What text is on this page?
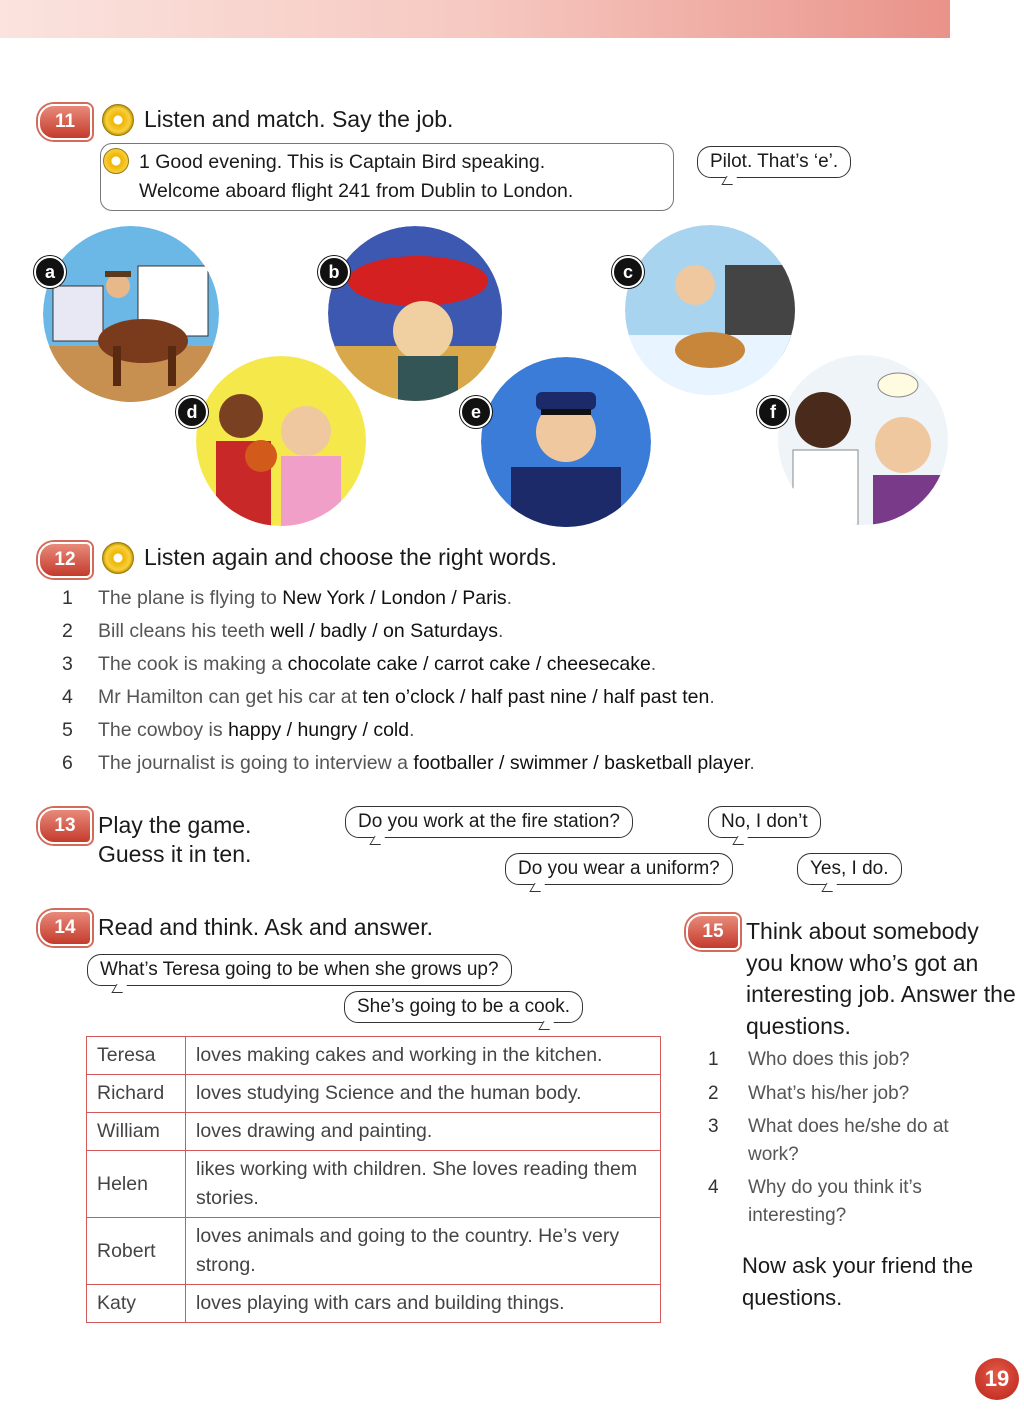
11	Listen and match. Say the job.
1 Good evening. This is Captain Bird speaking.
Welcome aboard flight 241 from Dublin to London.
Pilot. That’s ‘e’.
a	b	c
d	e	f
12	Listen again and choose the right words.
1 The plane is flying to New York / London / Paris.
2 Bill cleans his teeth well / badly / on Saturdays.
3 The cook is making a chocolate cake / carrot cake / cheesecake.
4 Mr Hamilton can get his car at ten o’clock / half past nine / half past ten.
5 The cowboy is happy / hungry / cold.
6 The journalist is going to interview a footballer / swimmer / basketball player.
13 Play the game.
Guess it in ten.
Do you work at the fire station?	No, I don’t
Do you wear a uniform?	Yes, I do.
14 Read and think. Ask and answer.
What’s Teresa going to be when she grows up?
She’s going to be a cook.
Teresa	loves making cakes and working in the kitchen.
Richard	loves studying Science and the human body.
William	loves drawing and painting.
Helen	likes working with children. She loves reading them stories.
Robert	loves animals and going to the country. He’s very strong.
Katy	loves playing with cars and building things.
15 Think about somebody you know who’s got an interesting job. Answer the questions.
1 Who does this job?
2 What’s his/her job?
3 What does he/she do at work?
4 Why do you think it’s interesting?
Now ask your friend the questions.
19
